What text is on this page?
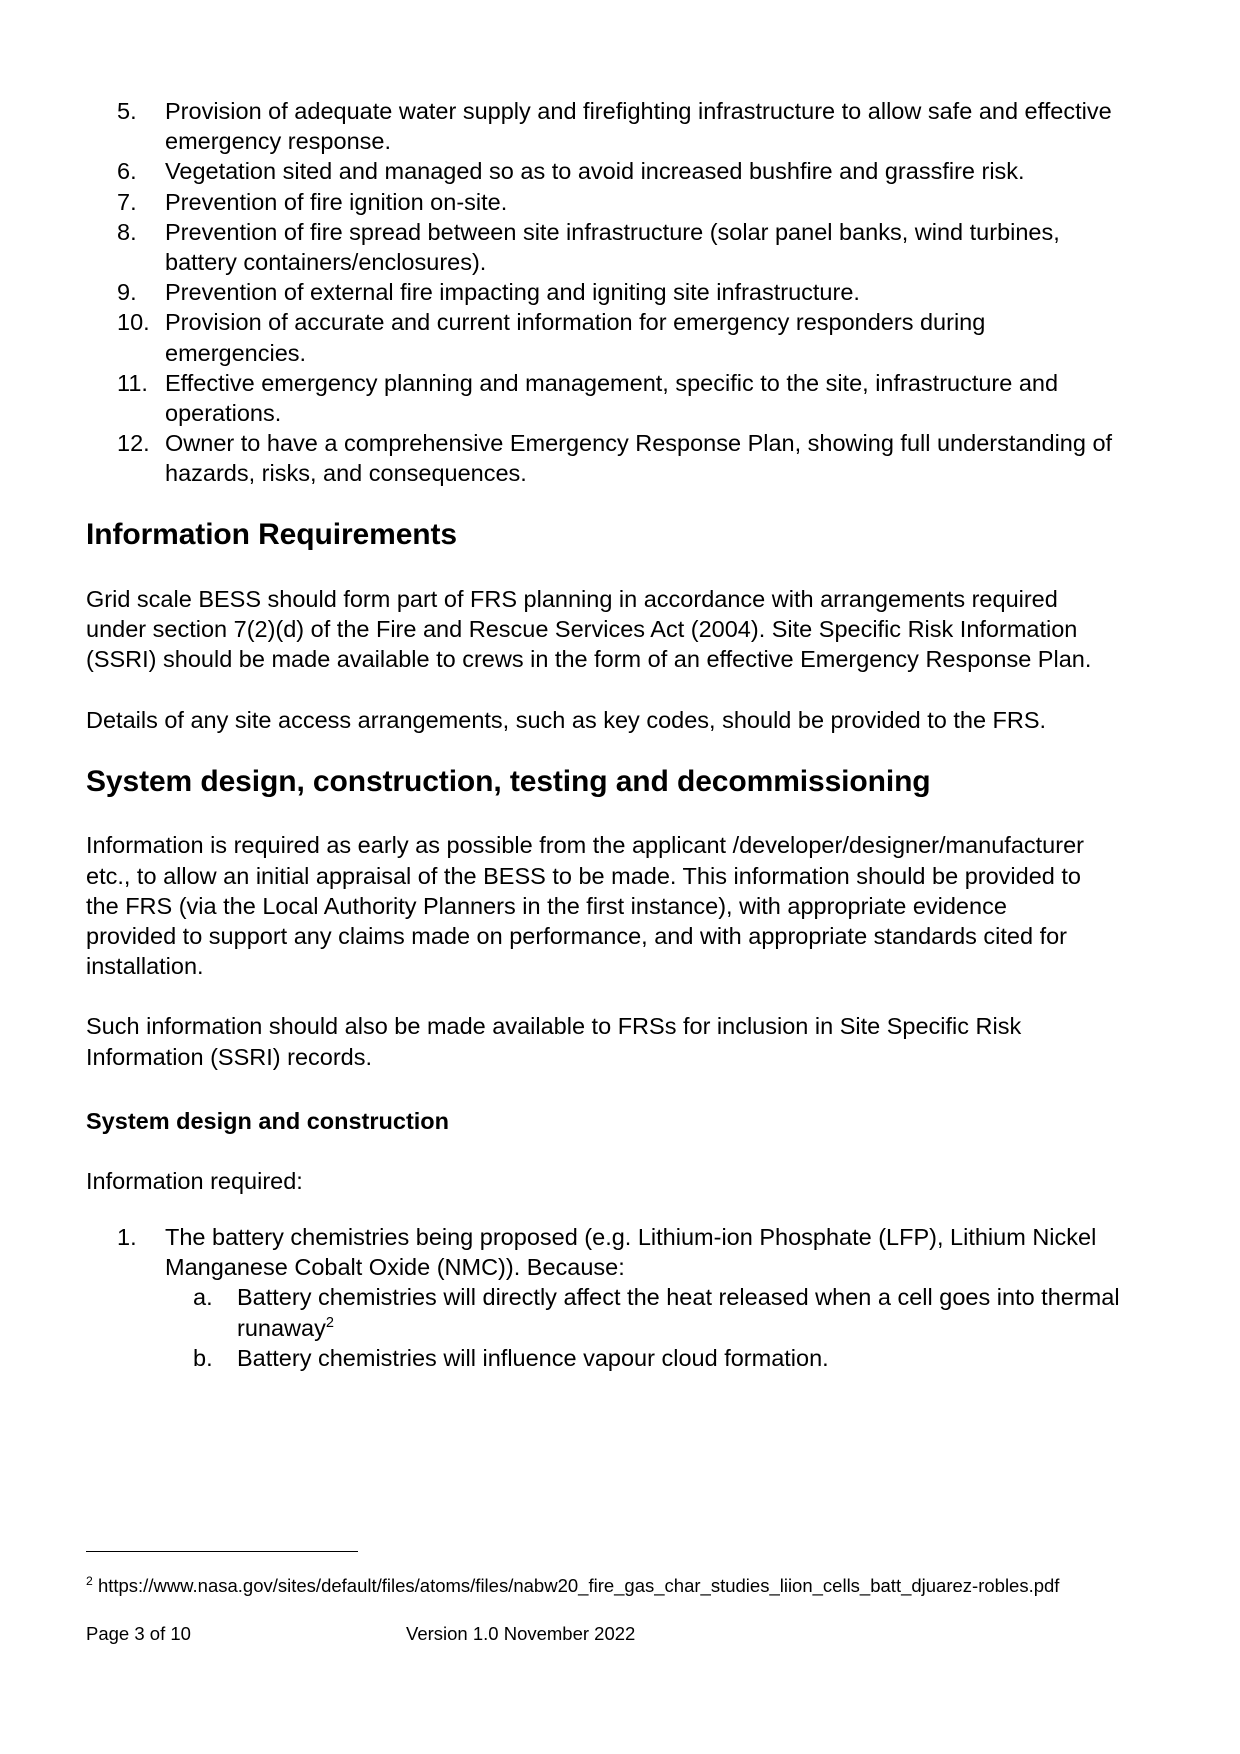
5.	Provision of adequate water supply and firefighting infrastructure to allow safe and effective emergency response.
6.	Vegetation sited and managed so as to avoid increased bushfire and grassfire risk.
7.	Prevention of fire ignition on-site.
8.	Prevention of fire spread between site infrastructure (solar panel banks, wind turbines, battery containers/enclosures).
9.	Prevention of external fire impacting and igniting site infrastructure.
10. Provision of accurate and current information for emergency responders during emergencies.
11. Effective emergency planning and management, specific to the site, infrastructure and operations.
12. Owner to have a comprehensive Emergency Response Plan, showing full understanding of hazards, risks, and consequences.
Information Requirements

Grid scale BESS should form part of FRS planning in accordance with arrangements required under section 7(2)(d) of the Fire and Rescue Services Act (2004). Site Specific Risk Information (SSRI) should be made available to crews in the form of an effective Emergency Response Plan.

Details of any site access arrangements, such as key codes, should be provided to the FRS.

System design, construction, testing and decommissioning

Information is required as early as possible from the applicant /developer/designer/manufacturer etc., to allow an initial appraisal of the BESS to be made. This information should be provided to the FRS (via the Local Authority Planners in the first instance), with appropriate evidence provided to support any claims made on performance, and with appropriate standards cited for installation.

Such information should also be made available to FRSs for inclusion in Site Specific Risk Information (SSRI) records.

System design and construction

Information required:

1.	The battery chemistries being proposed (e.g. Lithium-ion Phosphate (LFP), Lithium Nickel Manganese Cobalt Oxide (NMC)). Because:
a.	Battery chemistries will directly affect the heat released when a cell goes into thermal runaway$^2$
b.	Battery chemistries will influence vapour cloud formation.

$^2$ https://www.nasa.gov/sites/default/files/atoms/files/nabw20_fire_gas_char_studies_liion_cells_batt_djuarez-robles.pdf

Page 3 of 10	Version 1.0 November 2022
